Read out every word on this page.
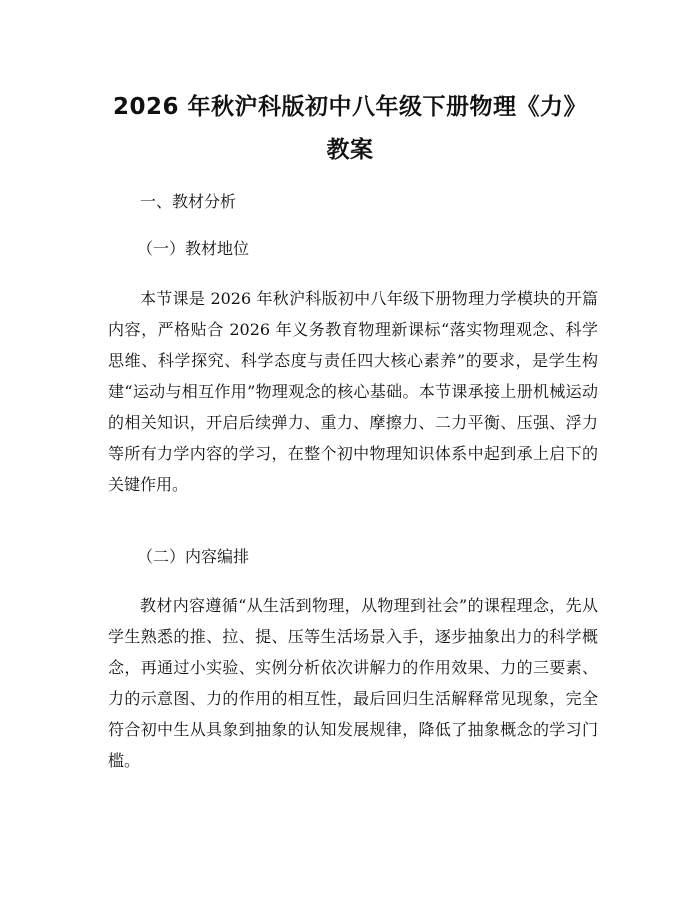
2026 年秋沪科版初中八年级下册物理《力》
教案

一、教材分析

（一）教材地位

本节课是 2026 年秋沪科版初中八年级下册物理力学模块的开篇内容，严格贴合 2026 年义务教育物理新课标“落实物理观念、科学思维、科学探究、科学态度与责任四大核心素养”的要求，是学生构建“运动与相互作用”物理观念的核心基础。本节课承接上册机械运动的相关知识，开启后续弹力、重力、摩擦力、二力平衡、压强、浮力等所有力学内容的学习，在整个初中物理知识体系中起到承上启下的关键作用。

（二）内容编排

教材内容遵循“从生活到物理，从物理到社会”的课程理念，先从学生熟悉的推、拉、提、压等生活场景入手，逐步抽象出力的科学概念，再通过小实验、实例分析依次讲解力的作用效果、力的三要素、力的示意图、力的作用的相互性，最后回归生活解释常见现象，完全符合初中生从具象到抽象的认知发展规律，降低了抽象概念的学习门槛。
